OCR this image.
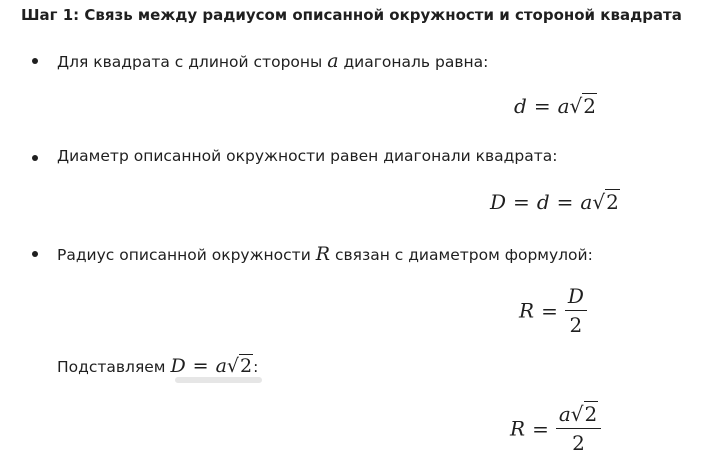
Шаг 1: Связь между радиусом описанной окружности и стороной квадрата
Для квадрата с длиной стороны a диагональ равна:
d = a√2
Диаметр описанной окружности равен диагонали квадрата:
D = d = a√2
Радиус описанной окружности R связан с диаметром формулой:
$R = \frac{D}{2}$
Подставляем D = a√2:
$R = \frac{a√2}{2}$
